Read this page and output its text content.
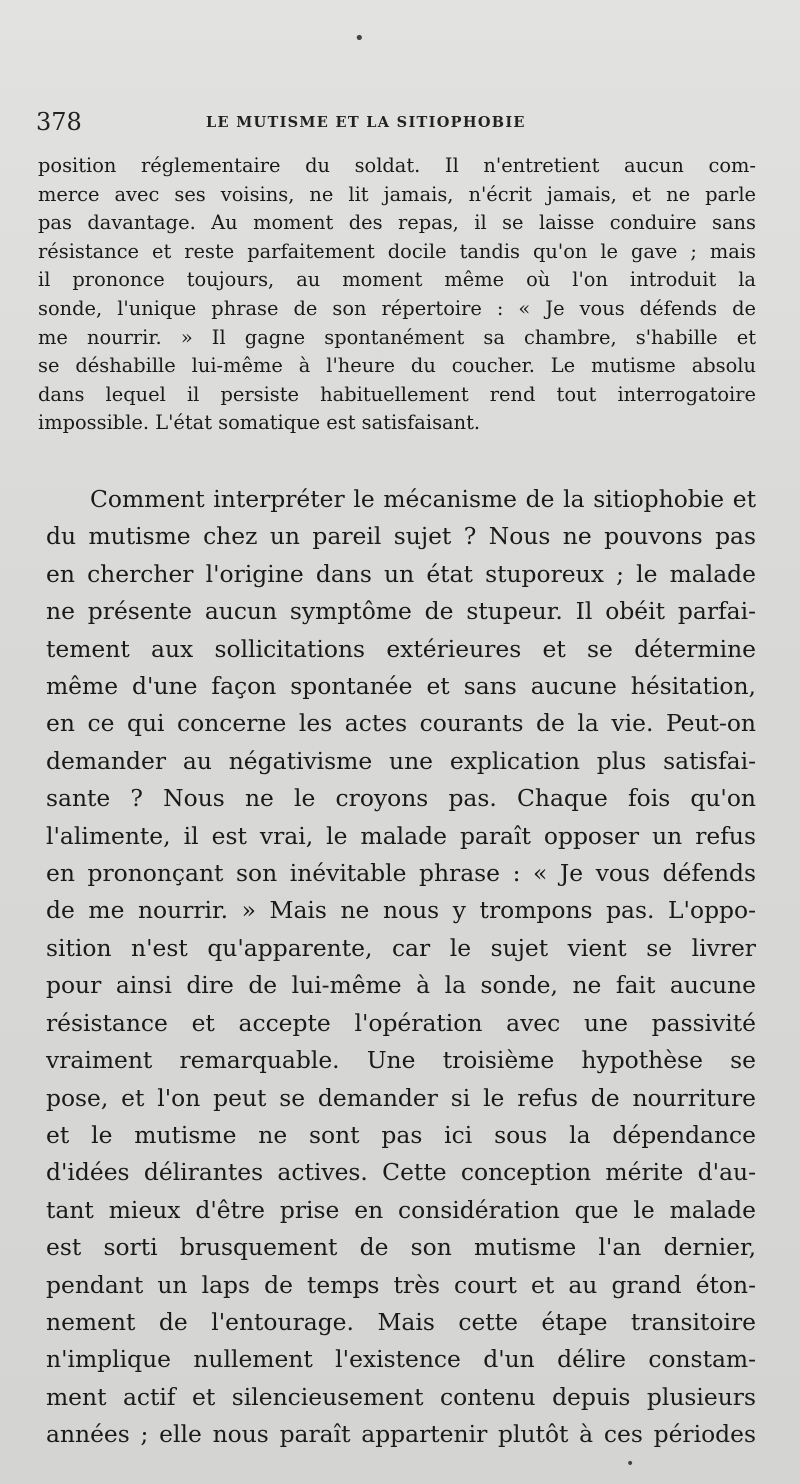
•
378	LE MUTISME ET LA SITIOPHOBIE
position réglementaire du soldat. Il n'entretient aucun com-
merce avec ses voisins, ne lit jamais, n'écrit jamais, et ne parle
pas davantage. Au moment des repas, il se laisse conduire sans
résistance et reste parfaitement docile tandis qu'on le gave ; mais
il prononce toujours, au moment même où l'on introduit la
sonde, l'unique phrase de son répertoire : « Je vous défends de
me nourrir. » Il gagne spontanément sa chambre, s'habille et
se déshabille lui-même à l'heure du coucher. Le mutisme absolu
dans lequel il persiste habituellement rend tout interrogatoire
impossible. L'état somatique est satisfaisant.
Comment interpréter le mécanisme de la sitiophobie et
du mutisme chez un pareil sujet ? Nous ne pouvons pas
en chercher l'origine dans un état stuporeux ; le malade
ne présente aucun symptôme de stupeur. Il obéit parfai-
tement aux sollicitations extérieures et se détermine
même d'une façon spontanée et sans aucune hésitation,
en ce qui concerne les actes courants de la vie. Peut-on
demander au négativisme une explication plus satisfai-
sante ? Nous ne le croyons pas. Chaque fois qu'on
l'alimente, il est vrai, le malade paraît opposer un refus
en prononçant son inévitable phrase : « Je vous défends
de me nourrir. » Mais ne nous y trompons pas. L'oppo-
sition n'est qu'apparente, car le sujet vient se livrer
pour ainsi dire de lui-même à la sonde, ne fait aucune
résistance et accepte l'opération avec une passivité
vraiment remarquable. Une troisième hypothèse se
pose, et l'on peut se demander si le refus de nourriture
et le mutisme ne sont pas ici sous la dépendance
d'idées délirantes actives. Cette conception mérite d'au-
tant mieux d'être prise en considération que le malade
est sorti brusquement de son mutisme l'an dernier,
pendant un laps de temps très court et au grand éton-
nement de l'entourage. Mais cette étape transitoire
n'implique nullement l'existence d'un délire constam-
ment actif et silencieusement contenu depuis plusieurs
années ; elle nous paraît appartenir plutôt à ces périodes
•
